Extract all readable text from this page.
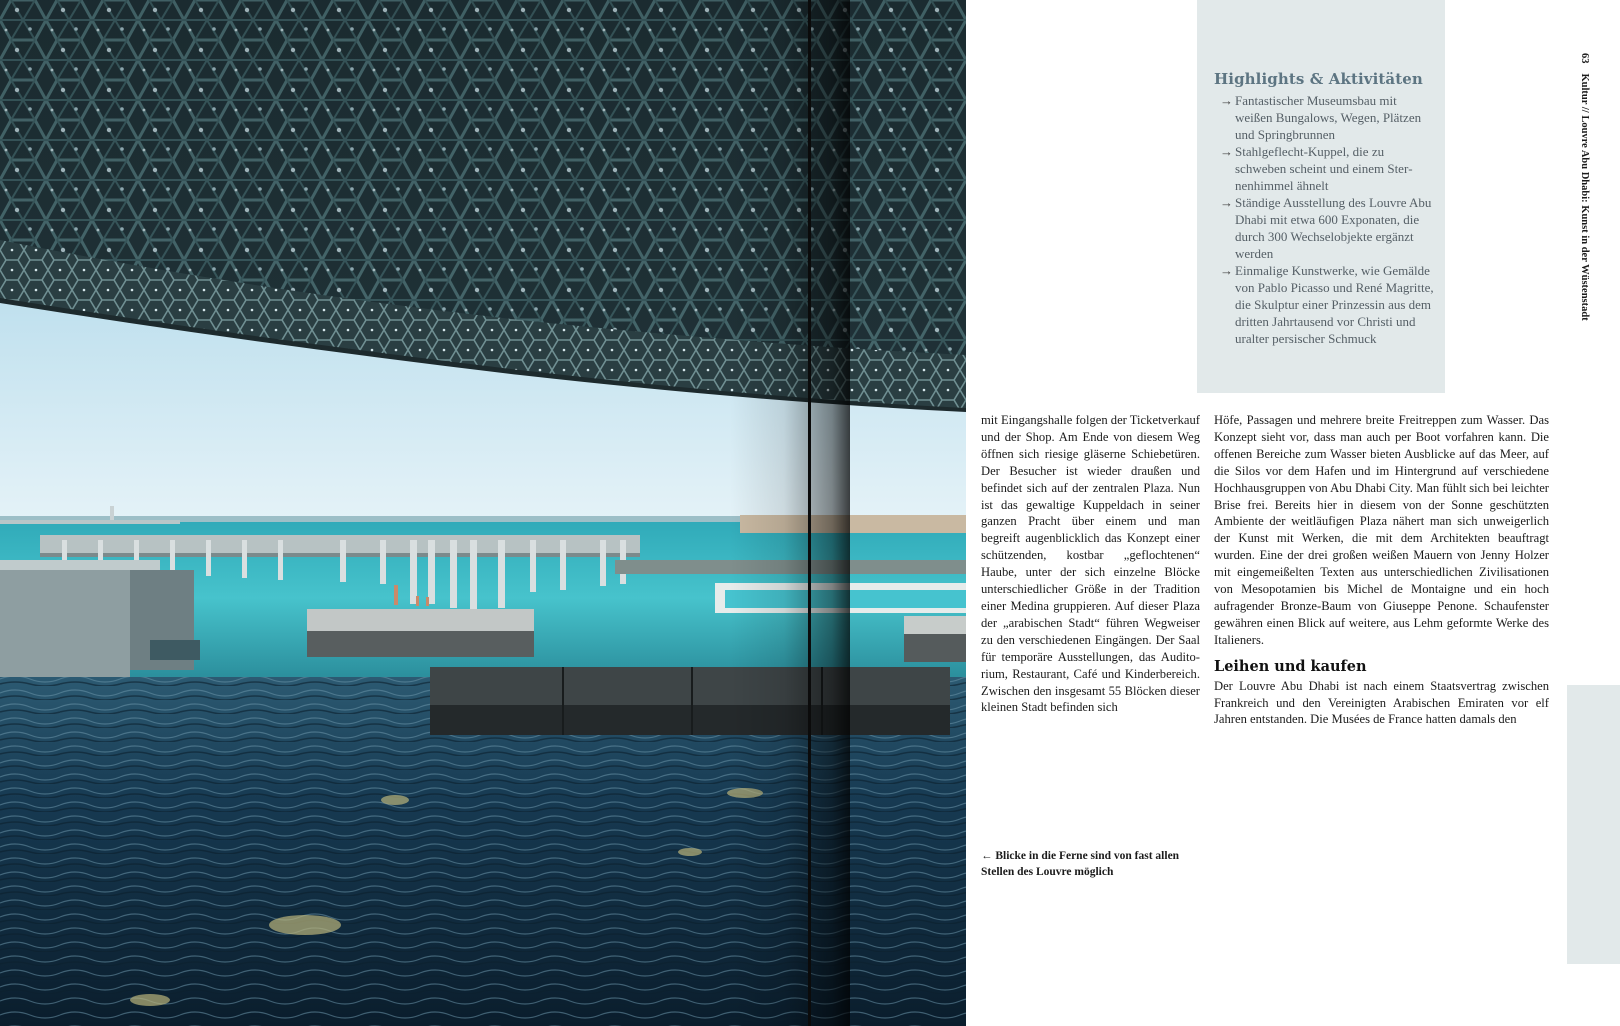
Highlights & Aktivitäten
→ Fantastischer Museumsbau mit weißen Bungalows, Wegen, Plätzen und Springbrunnen
→ Stahlgeflecht-Kuppel, die zu schweben scheint und einem Sternenhimmel ähnelt
→ Ständige Ausstellung des Louvre Abu Dhabi mit etwa 600 Exponaten, die durch 300 Wechselobjekte ergänzt werden
→ Einmalige Kunstwerke, wie Gemälde von Pablo Picasso und René Magritte, die Skulptur einer Prinzessin aus dem dritten Jahrtausend vor Christi und uralter persischer Schmuck
63Kultur // Louvre Abu Dhabi: Kunst in der Wüstenstadt

mit Eingangshalle folgen der Ticketverkauf und der Shop. Am Ende von diesem Weg öffnen sich riesige gläserne Schiebetüren. Der Besucher ist wieder draußen und befindet sich auf der zentralen Plaza. Nun ist das gewaltige Kuppeldach in seiner ganzen Pracht über einem und man begreift augenblicklich das Konzept einer schützenden, kostbar „geflochtenen“ Haube, unter der sich einzelne Blöcke unterschiedlicher Größe in der Tradition einer Medina gruppieren. Auf dieser Plaza der „arabischen Stadt“ führen Wegweiser zu den verschiedenen Eingängen. Der Saal für temporäre Ausstellungen, das Auditorium, Restaurant, Café und Kinderbereich. Zwischen den insgesamt 55 Blöcken dieser kleinen Stadt befinden sich

Höfe, Passagen und mehrere breite Freitreppen zum Wasser. Das Konzept sieht vor, dass man auch per Boot vorfahren kann. Die offenen Bereiche zum Wasser bieten Ausblicke auf das Meer, auf die Silos vor dem Hafen und im Hintergrund auf verschiedene Hochhausgruppen von Abu Dhabi City. Man fühlt sich bei leichter Brise frei. Bereits hier in diesem von der Sonne geschützten Ambiente der weitläufigen Plaza nähert man sich unweigerlich der Kunst mit Werken, die mit dem Architekten beauftragt wurden. Eine der drei großen weißen Mauern von Jenny Holzer mit eingemeißelten Texten aus unterschiedlichen Zivilisationen von Mesopotamien bis Michel de Montaigne und ein hoch aufragender Bronze-Baum von Giuseppe Penone. Schaufenster gewähren einen Blick auf weitere, aus Lehm geformte Werke des Italieners.

Leihen und kaufen

Der Louvre Abu Dhabi ist nach einem Staatsvertrag zwischen Frankreich und den Vereinigten Arabischen Emiraten vor elf Jahren entstanden. Die Musées de France hatten damals den

← Blicke in die Ferne sind von fast allen Stellen des Louvre möglich
